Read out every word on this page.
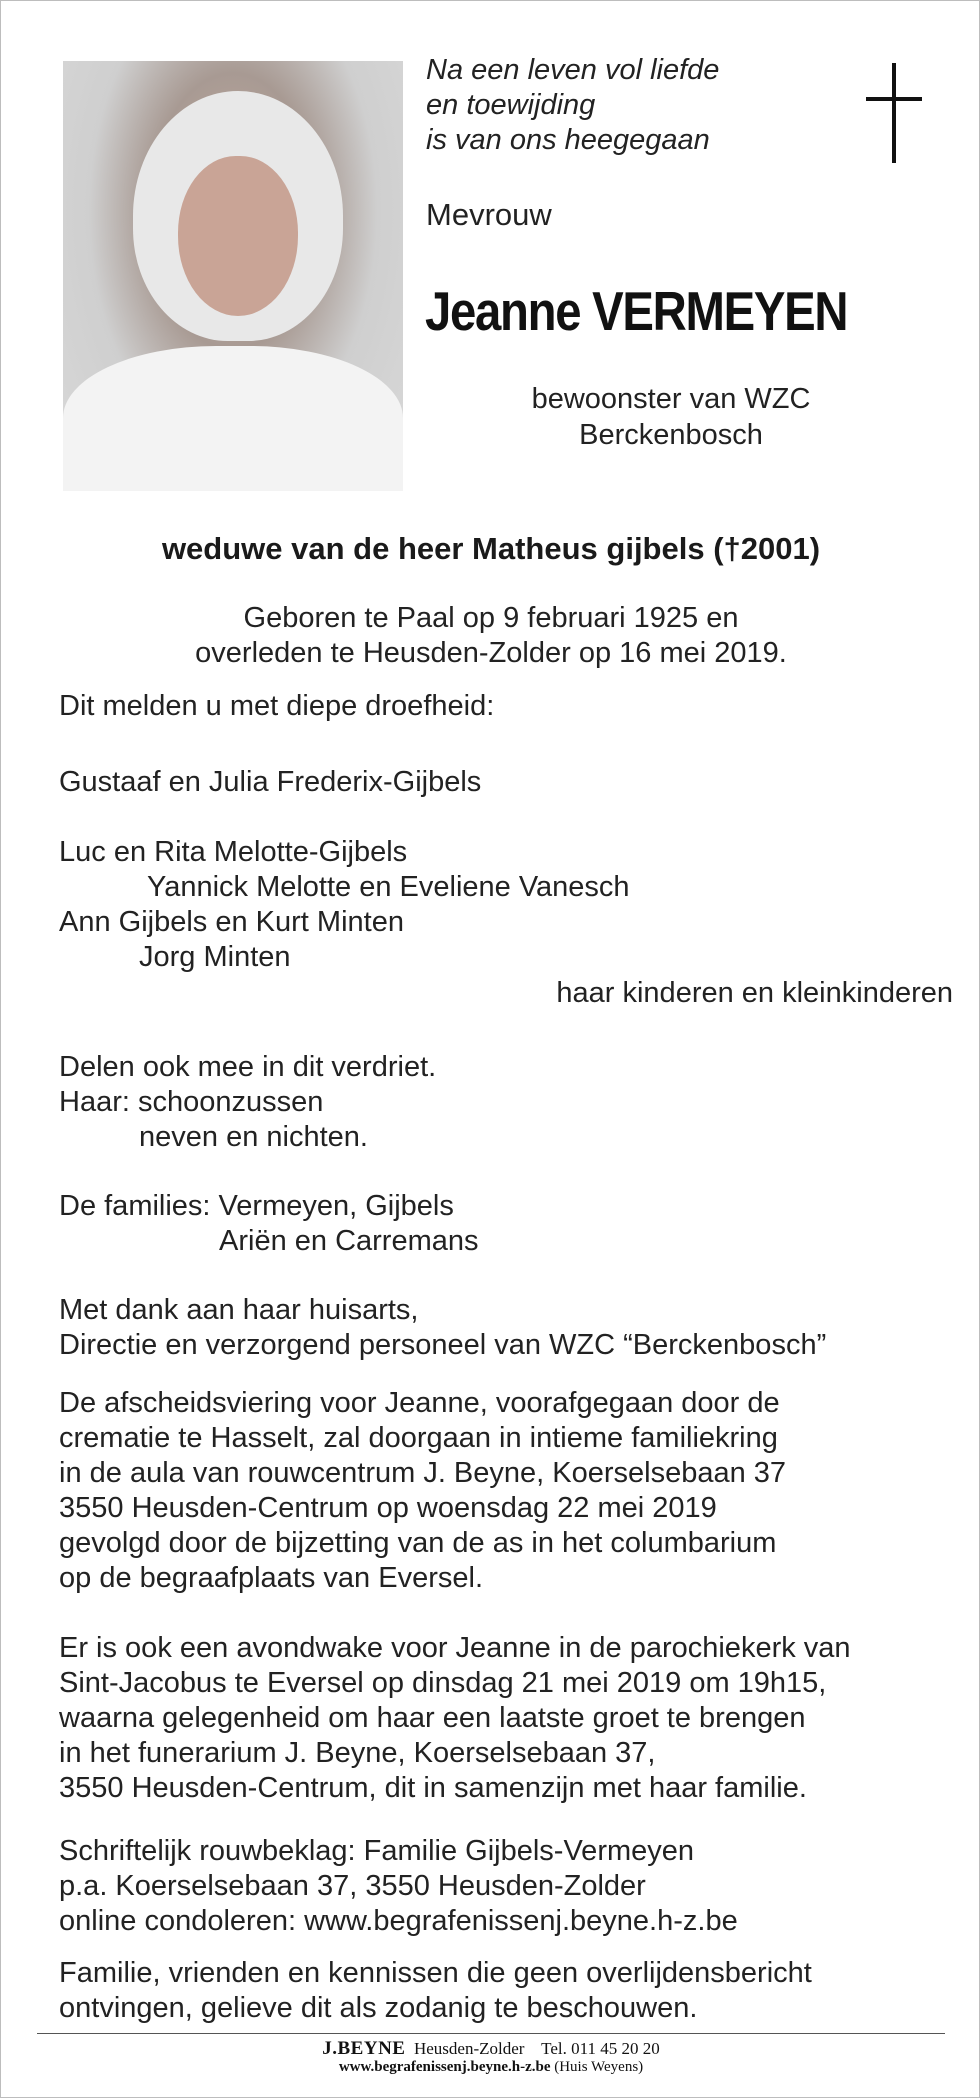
Na een leven vol liefde
en toewijding
is van ons heegegaan
Mevrouw
Jeanne VERMEYEN
bewoonster van WZC
Berckenbosch
weduwe van de heer Matheus gijbels (†2001)
Geboren te Paal op 9 februari 1925 en
overleden te Heusden-Zolder op 16 mei 2019.
Dit melden u met diepe droefheid:
Gustaaf en Julia Frederix-Gijbels
Luc en Rita Melotte-Gijbels
Yannick Melotte en Eveliene Vanesch
Ann Gijbels en Kurt Minten
Jorg Minten
haar kinderen en kleinkinderen
Delen ook mee in dit verdriet.
Haar: schoonzussen
neven en nichten.
De families: Vermeyen, Gijbels
Ariën en Carremans
Met dank aan haar huisarts,
Directie en verzorgend personeel van WZC “Berckenbosch”
De afscheidsviering voor Jeanne, voorafgegaan door de
crematie te Hasselt, zal doorgaan in intieme familiekring
in de aula van rouwcentrum J. Beyne, Koerselsebaan 37
3550 Heusden-Centrum op woensdag 22 mei 2019
gevolgd door de bijzetting van de as in het columbarium
op de begraafplaats van Eversel.
Er is ook een avondwake voor Jeanne in de parochiekerk van
Sint-Jacobus te Eversel op dinsdag 21 mei 2019 om 19h15,
waarna gelegenheid om haar een laatste groet te brengen
in het funerarium J. Beyne, Koerselsebaan 37,
3550 Heusden-Centrum, dit in samenzijn met haar familie.
Schriftelijk rouwbeklag: Familie Gijbels-Vermeyen
p.a. Koerselsebaan 37, 3550 Heusden-Zolder
online condoleren: www.begrafenissenj.beyne.h-z.be
Familie, vrienden en kennissen die geen overlijdensbericht
ontvingen, gelieve dit als zodanig te beschouwen.
J.BEYNE Heusden-Zolder Tel. 011 45 20 20
www.begrafenissenj.beyne.h-z.be (Huis Weyens)
